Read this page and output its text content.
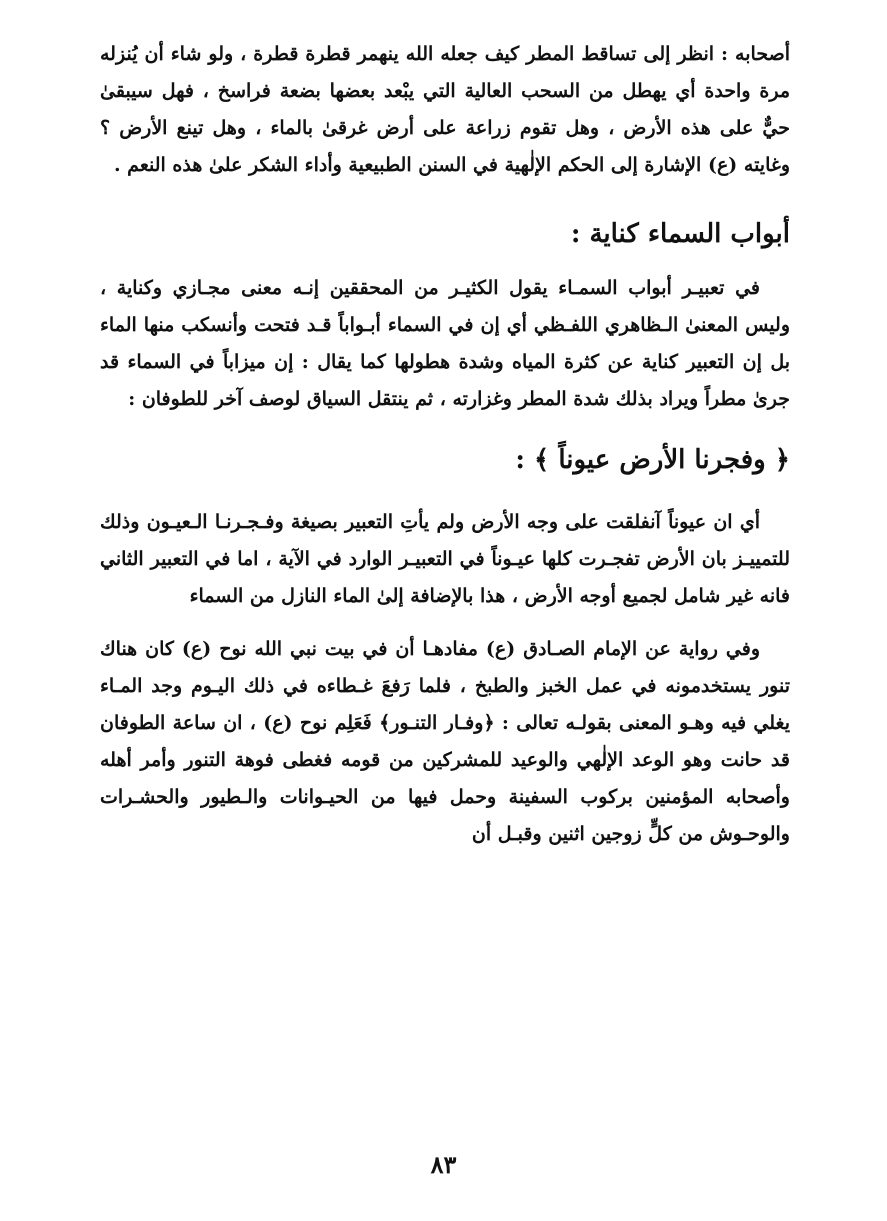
أصحابه : انظر إلى تساقط المطر كيف جعله الله ينهمر قطرة قطرة ، ولو شاء أن يُنزله مرة واحدة أي يهطل من السحب العالية التي يبْعد بعضها بضعة فراسخ ، فهل سيبقىٰ حيٌّ على هذه الأرض ، وهل تقوم زراعة على أرض غرقىٰ بالماء ، وهل تينع الأرض ؟ وغايته (ع) الإشارة إلى الحكم الإلٰهية في السنن الطبيعية وأداء الشكر علىٰ هذه النعم .

أبواب السماء كناية :

في تعبيـر أبواب السمـاء يقول الكثيـر من المحققين إنـه معنى مجـازي وكناية ، وليس المعنىٰ الـظاهري اللفـظي أي إن في السماء أبـواباً قـد فتحت وأنسكب منها الماء بل إن التعبير كناية عن كثرة المياه وشدة هطولها كما يقال : إن ميزاباً في السماء قد جرىٰ مطراً ويراد بذلك شدة المطر وغزارته ، ثم ينتقل السياق لوصف آخر للطوفان :

﴿ وفجرنا الأرض عيوناً ﴾ :

أي ان عيوناً آنفلقت على وجه الأرض ولم يأتِ التعبير بصيغة وفـجـرنـا الـعيـون وذلك للتمييـز بان الأرض تفجـرت كلها عيـوناً في التعبيـر الوارد في الآية ، اما في التعبير الثاني فانه غير شامل لجميع أوجه الأرض ، هذا بالإضافة إلىٰ الماء النازل من السماء

وفي رواية عن الإمام الصـادق (ع) مفادهـا أن في بيت نبي الله نوح (ع) كان هناك تنور يستخدمونه في عمل الخبز والطبخ ، فلما رَفعَ غـطاءه في ذلك اليـوم وجد المـاء يغلي فيه وهـو المعنى بقولـه تعالى : ﴿وفـار التنـور﴾ فَعَلِم نوح (ع) ، ان ساعة الطوفان قد حانت وهو الوعد الإلٰهي والوعيد للمشركين من قومه فغطى فوهة التنور وأمر أهله وأصحابه المؤمنين بركوب السفينة وحمل فيها من الحيـوانات والـطيور والحشـرات والوحـوش من كلٍّ زوجين اثنين وقبـل أن

٨٣
